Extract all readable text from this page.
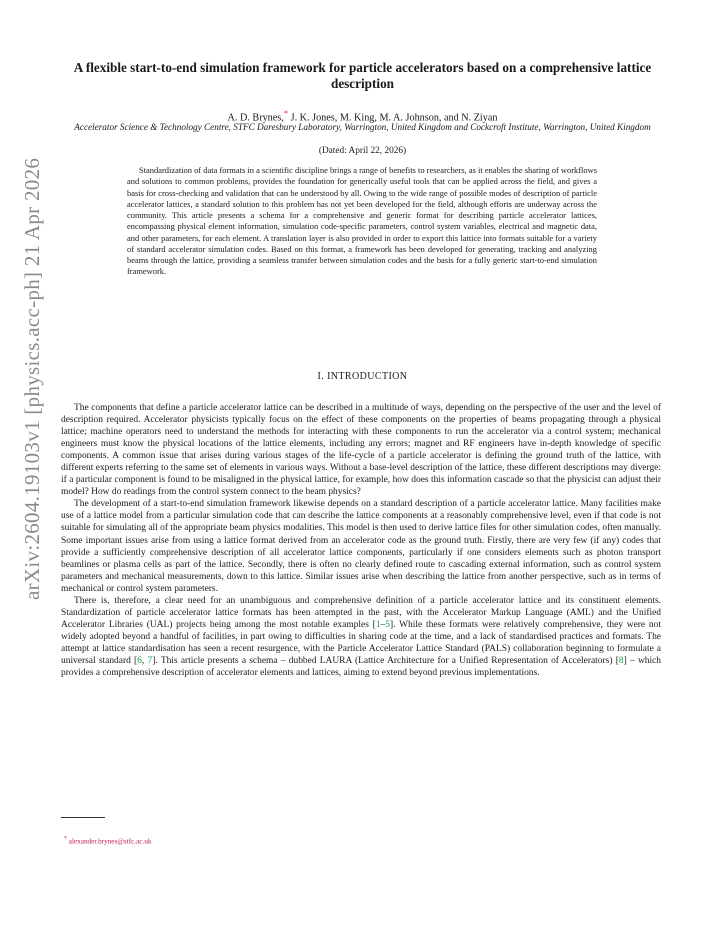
arXiv:2604.19103v1 [physics.acc-ph] 21 Apr 2026
A flexible start-to-end simulation framework for particle accelerators based on a comprehensive lattice description
A. D. Brynes,* J. K. Jones, M. King, M. A. Johnson, and N. Ziyan
Accelerator Science & Technology Centre, STFC Daresbury Laboratory, Warrington, United Kingdom and Cockcroft Institute, Warrington, United Kingdom
(Dated: April 22, 2026)

Standardization of data formats in a scientific discipline brings a range of benefits to researchers, as it enables the sharing of workflows and solutions to common problems, provides the foundation for generically useful tools that can be applied across the field, and gives a basis for cross-checking and validation that can be understood by all. Owing to the wide range of possible modes of description of particle accelerator lattices, a standard solution to this problem has not yet been developed for the field, although efforts are underway across the community. This article presents a schema for a comprehensive and generic format for describing particle accelerator lattices, encompassing physical element information, simulation code-specific parameters, control system variables, electrical and magnetic data, and other parameters, for each element. A translation layer is also provided in order to export this lattice into formats suitable for a variety of standard accelerator simulation codes. Based on this format, a framework has been developed for generating, tracking and analyzing beams through the lattice, providing a seamless transfer between simulation codes and the basis for a fully generic start-to-end simulation framework.

I. INTRODUCTION

The components that define a particle accelerator lattice can be described in a multitude of ways, depending on the perspective of the user and the level of description required. Accelerator physicists typically focus on the effect of these components on the properties of beams propagating through a physical lattice; machine operators need to understand the methods for interacting with these components to run the accelerator via a control system; mechanical engineers must know the physical locations of the lattice elements, including any errors; magnet and RF engineers have in-depth knowledge of specific components. A common issue that arises during various stages of the life-cycle of a particle accelerator is defining the ground truth of the lattice, with different experts referring to the same set of elements in various ways. Without a base-level description of the lattice, these different descriptions may diverge: if a particular component is found to be misaligned in the physical lattice, for example, how does this information cascade so that the physicist can adjust their model? How do readings from the control system connect to the beam physics?

The development of a start-to-end simulation framework likewise depends on a standard description of a particle accelerator lattice. Many facilities make use of a lattice model from a particular simulation code that can describe the lattice components at a reasonably comprehensive level, even if that code is not suitable for simulating all of the appropriate beam physics modalities. This model is then used to derive lattice files for other simulation codes, often manually. Some important issues arise from using a lattice format derived from an accelerator code as the ground truth. Firstly, there are very few (if any) codes that provide a sufficiently comprehensive description of all accelerator lattice components, particularly if one considers elements such as photon transport beamlines or plasma cells as part of the lattice. Secondly, there is often no clearly defined route to cascading external information, such as control system parameters and mechanical measurements, down to this lattice. Similar issues arise when describing the lattice from another perspective, such as in terms of mechanical or control system parameters.

There is, therefore, a clear need for an unambiguous and comprehensive definition of a particle accelerator lattice and its constituent elements. Standardization of particle accelerator lattice formats has been attempted in the past, with the Accelerator Markup Language (AML) and the Unified Accelerator Libraries (UAL) projects being among the most notable examples [1–5]. While these formats were relatively comprehensive, they were not widely adopted beyond a handful of facilities, in part owing to difficulties in sharing code at the time, and a lack of standardised practices and formats. The attempt at lattice standardisation has seen a recent resurgence, with the Particle Accelerator Lattice Standard (PALS) collaboration beginning to formulate a universal standard [6, 7]. This article presents a schema – dubbed LAURA (Lattice Architecture for a Unified Representation of Accelerators) [8] – which provides a comprehensive description of accelerator elements and lattices, aiming to extend beyond previous implementations.

* alexander.brynes@stfc.ac.uk
